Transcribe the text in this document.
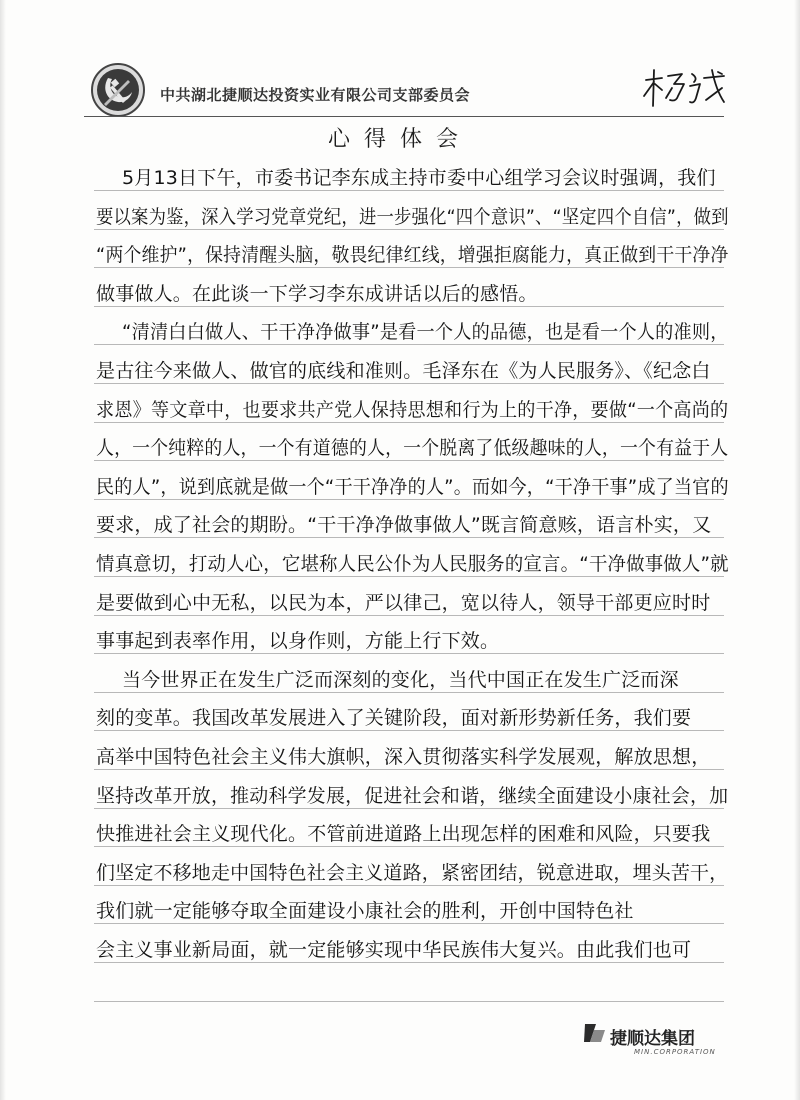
中共湖北捷顺达投资实业有限公司支部委员会
心得体会
5月13日下午，市委书记李东成主持市委中心组学习会议时强调，我们
要以案为鉴，深入学习党章党纪，进一步强化“四个意识”、“坚定四个自信”，做到
“两个维护”，保持清醒头脑，敬畏纪律红线，增强拒腐能力，真正做到干干净净
做事做人。在此谈一下学习李东成讲话以后的感悟。
“清清白白做人、干干净净做事”是看一个人的品德，也是看一个人的准则，
是古往今来做人、做官的底线和准则。毛泽东在《为人民服务》、《纪念白
求恩》等文章中，也要求共产党人保持思想和行为上的干净，要做“一个高尚的
人，一个纯粹的人，一个有道德的人，一个脱离了低级趣味的人，一个有益于人
民的人”，说到底就是做一个“干干净净的人”。而如今，“干净干事”成了当官的
要求，成了社会的期盼。“干干净净做事做人”既言简意赅，语言朴实，又
情真意切，打动人心，它堪称人民公仆为人民服务的宣言。“干净做事做人”就
是要做到心中无私，以民为本，严以律己，宽以待人，领导干部更应时时
事事起到表率作用，以身作则，方能上行下效。
当今世界正在发生广泛而深刻的变化，当代中国正在发生广泛而深
刻的变革。我国改革发展进入了关键阶段，面对新形势新任务，我们要
高举中国特色社会主义伟大旗帜，深入贯彻落实科学发展观，解放思想，
坚持改革开放，推动科学发展，促进社会和谐，继续全面建设小康社会，加
快推进社会主义现代化。不管前进道路上出现怎样的困难和风险，只要我
们坚定不移地走中国特色社会主义道路，紧密团结，锐意进取，埋头苦干，
我们就一定能够夺取全面建设小康社会的胜利，开创中国特色社
会主义事业新局面，就一定能够实现中华民族伟大复兴。由此我们也可
捷顺达集团
MIN.CORPORATION
